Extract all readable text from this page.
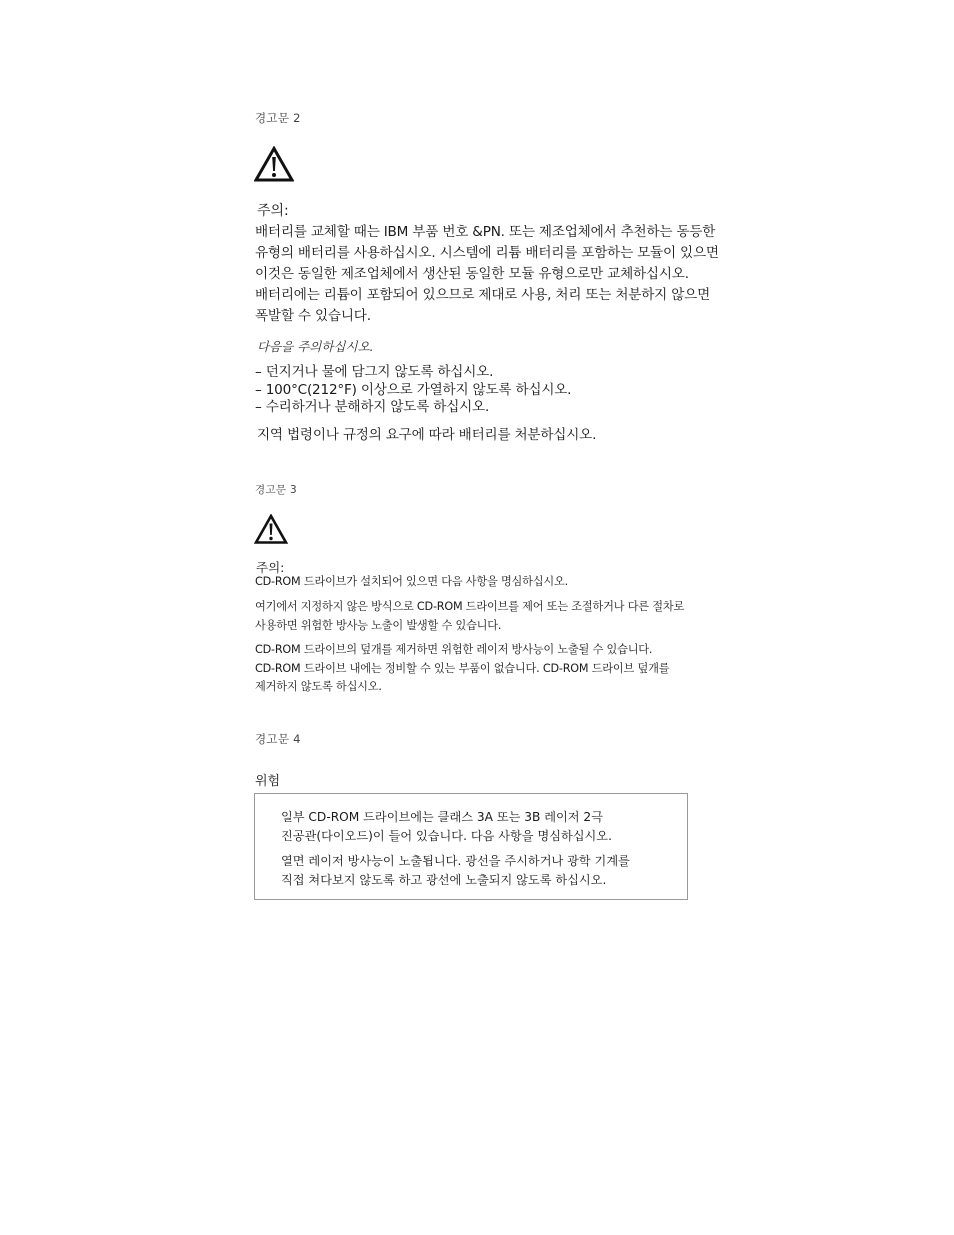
경고문 2

주의:

배터리를 교체할 때는 IBM 부품 번호 &PN. 또는 제조업체에서 추천하는 동등한

유형의 배터리를 사용하십시오. 시스템에 리튬 배터리를 포함하는 모듈이 있으면

이것은 동일한 제조업체에서 생산된 동일한 모듈 유형으로만 교체하십시오.

배터리에는 리튬이 포함되어 있으므로 제대로 사용, 처리 또는 처분하지 않으면

폭발할 수 있습니다.

다음을 주의하십시오.

– 던지거나 물에 담그지 않도록 하십시오.

– 100°C(212°F) 이상으로 가열하지 않도록 하십시오.

– 수리하거나 분해하지 않도록 하십시오.

지역 법령이나 규정의 요구에 따라 배터리를 처분하십시오.

경고문 3

주의:

CD-ROM 드라이브가 설치되어 있으면 다음 사항을 명심하십시오.

여기에서 지정하지 않은 방식으로 CD-ROM 드라이브를 제어 또는 조절하거나 다른 절차로

사용하면 위험한 방사능 노출이 발생할 수 있습니다.

CD-ROM 드라이브의 덮개를 제거하면 위험한 레이저 방사능이 노출될 수 있습니다.

CD-ROM 드라이브 내에는 정비할 수 있는 부품이 없습니다. CD-ROM 드라이브 덮개를

제거하지 않도록 하십시오.

경고문 4

위험

일부 CD-ROM 드라이브에는 클래스 3A 또는 3B 레이저 2극

진공관(다이오드)이 들어 있습니다. 다음 사항을 명심하십시오.

열면 레이저 방사능이 노출됩니다. 광선을 주시하거나 광학 기계를

직접 쳐다보지 않도록 하고 광선에 노출되지 않도록 하십시오.
